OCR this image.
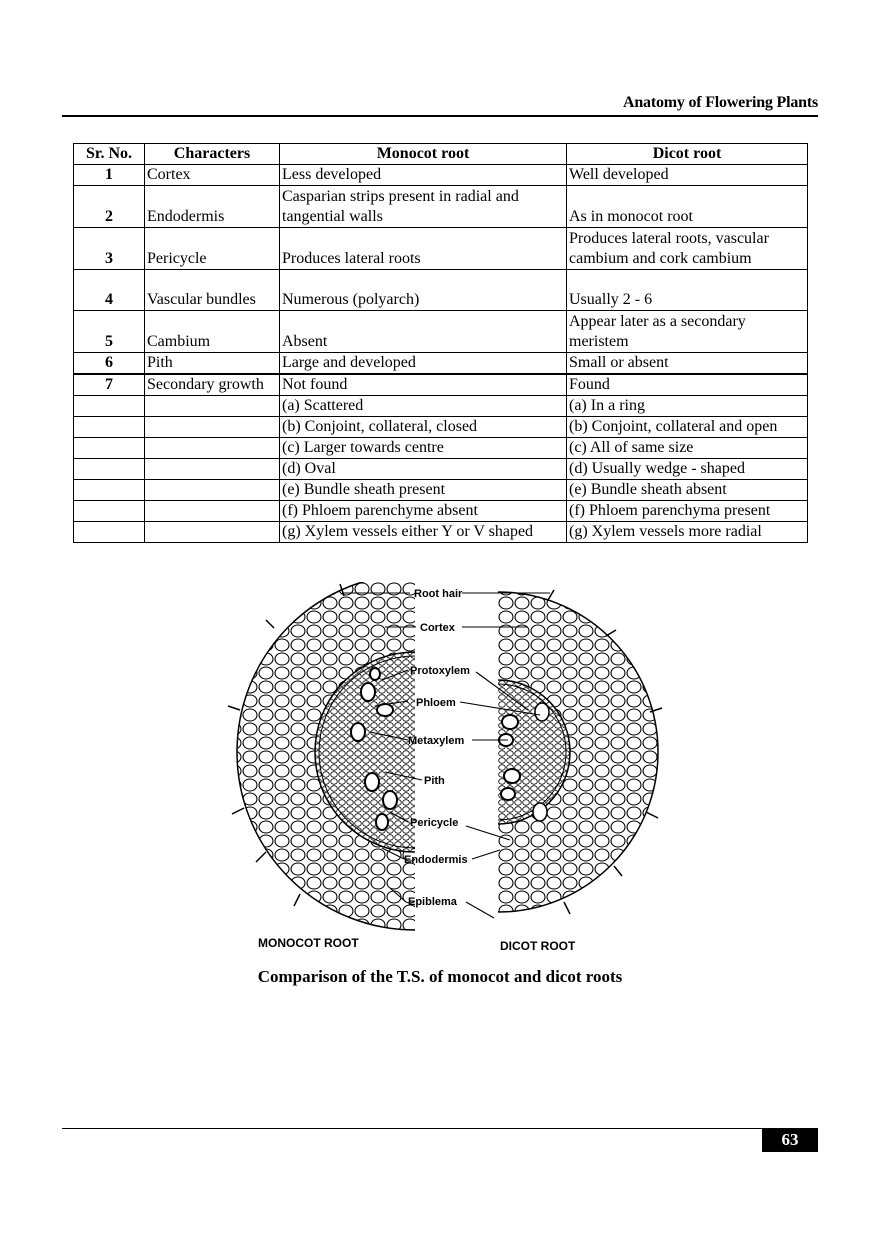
Anatomy of Flowering Plants
Sr. No.	Characters	Monocot root	Dicot root
1	Cortex	Less developed	Well developed
2	Endodermis	Casparian strips present in radial and tangential walls	As in monocot root
3	Pericycle	Produces lateral roots	Produces lateral roots, vascular cambium and cork cambium
4	Vascular bundles	Numerous (polyarch)	Usually 2 - 6
5	Cambium	Absent	Appear later as a secondary meristem
6	Pith	Large and developed	Small or absent
7	Secondary growth	Not found	Found
		(a) Scattered	(a) In a ring
		(b) Conjoint, collateral, closed	(b) Conjoint, collateral and open
		(c) Larger towards centre	(c) All of same size
		(d) Oval	(d) Usually wedge - shaped
		(e) Bundle sheath present	(e) Bundle sheath absent
		(f) Phloem parenchyme absent	(f) Phloem parenchyma present
		(g) Xylem vessels either Y or V shaped	(g) Xylem vessels more radial
Root hair
Cortex
Protoxylem
Phloem
Metaxylem
Pith
Pericycle
Endodermis
Epiblema
MONOCOT ROOT	DICOT ROOT
Comparison of the T.S. of monocot and dicot roots
63
